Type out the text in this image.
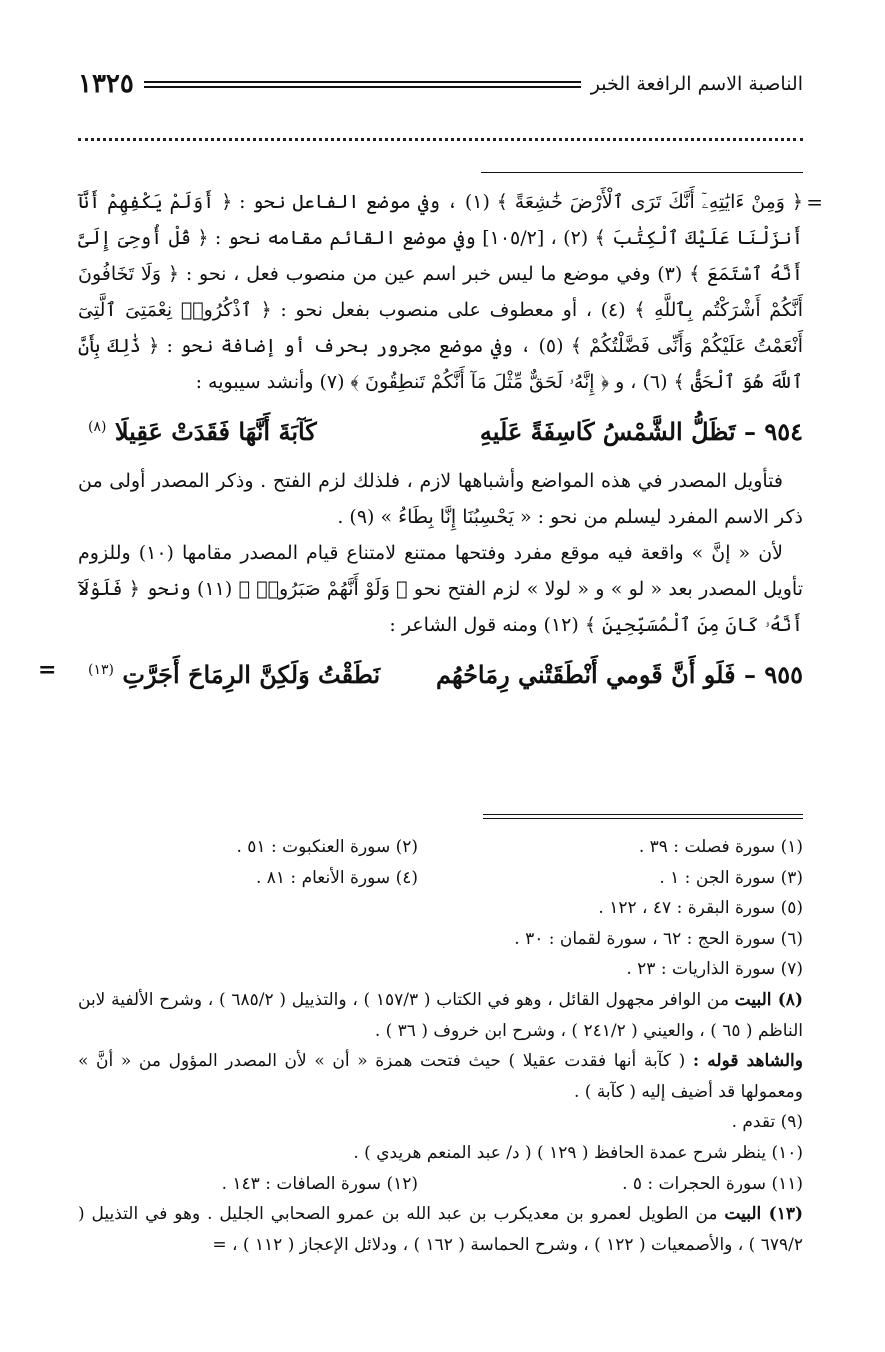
الناصبة الاسم الرافعة الخبر
١٣٢٥
=

﴿ وَمِنْ ءَايَٰتِهِۦٓ أَنَّكَ تَرَى ٱلْأَرْضَ خَٰشِعَةً ﴾ (١) ، وفي موضع الفاعل نحو : ﴿ أَوَلَمْ يَكْفِهِمْ أَنَّآ أَنزَلْنَا عَلَيْكَ ٱلْكِتَٰبَ ﴾ (٢) ، [١٠٥/٢] وفي موضع القائم مقامه نحو : ﴿ قُلْ أُوحِىَ إِلَىَّ أَنَّهُ ٱسْتَمَعَ ﴾ (٣) وفي موضع ما ليس خبر اسم عين من منصوب فعل ، نحو : ﴿ وَلَا تَخَافُونَ أَنَّكُمْ أَشْرَكْتُم بِٱللَّهِ ﴾ (٤) ، أو معطوف على منصوب بفعل نحو : ﴿ ٱذْكُرُوا۟ نِعْمَتِىَ ٱلَّتِىٓ أَنْعَمْتُ عَلَيْكُمْ وَأَنِّى فَضَّلْتُكُمْ ﴾ (٥) ، وفي موضع مجرور بحرف أو إضافة نحو : ﴿ ذَٰلِكَ بِأَنَّ ٱللَّهَ هُوَ ٱلْحَقُّ ﴾ (٦) ، و ﴿ إِنَّهُۥ لَحَقٌّ مِّثْلَ مَآ أَنَّكُمْ تَنطِقُونَ ﴾ (٧) وأنشد سيبويه :

٩٥٤ – تَظَلُّ الشَّمْسُ كَاسِفَةً عَلَيهِ
كَآبَةَ أَنَّهَا فَقَدَتْ عَقِيلَا $^{(٨)}$

فتأويل المصدر في هذه المواضع وأشباهها لازم ، فلذلك لزم الفتح . وذكر المصدر أولى من ذكر الاسم المفرد ليسلم من نحو : « يَحْسِبُنَا إِنَّا بِطَاءُ » (٩) .

لأن « إنَّ » واقعة فيه موقع مفرد وفتحها ممتنع لامتناع قيام المصدر مقامها (١٠) وللزوم تأويل المصدر بعد « لو » و « لولا » لزم الفتح نحو ﴿ وَلَوْ أَنَّهُمْ صَبَرُوا۟ ﴾ (١١) ونحو ﴿ فَلَوْلَآ أَنَّهُۥ كَانَ مِنَ ٱلْمُسَبِّحِينَ ﴾ (١٢) ومنه قول الشاعر :

٩٥٥ – فَلَو أَنَّ قَومي أَنْطَقَتْني رِمَاحُهُم
نَطَقْتُ وَلَكِنَّ الرِمَاحَ أَجَرَّتِ $^{(١٣)}$
=
(١) سورة فصلت : ٣٩ .
(٢) سورة العنكبوت : ٥١ .
(٣) سورة الجن : ١ .
(٤) سورة الأنعام : ٨١ .

(٥) سورة البقرة : ٤٧ ، ١٢٢ .

(٦) سورة الحج : ٦٢ ، سورة لقمان : ٣٠ .

(٧) سورة الذاريات : ٢٣ .

(٨) البيت من الوافر مجهول القائل ، وهو في الكتاب ( ١٥٧/٣ ) ، والتذييل ( ٦٨٥/٢ ) ، وشرح الألفية لابن الناظم ( ٦٥ ) ، والعيني ( ٢٤١/٢ ) ، وشرح ابن خروف ( ٣٦ ) .

والشاهد قوله : ( كآبة أنها فقدت عقيلا ) حيث فتحت همزة « أن » لأن المصدر المؤول من « أنَّ » ومعمولها قد أضيف إليه ( كآبة ) .

(٩) تقدم .

(١٠) ينظر شرح عمدة الحافظ ( ١٢٩ ) ( د/ عبد المنعم هريدي ) .

(١١) سورة الحجرات : ٥ .
(١٢) سورة الصافات : ١٤٣ .

(١٣) البيت من الطويل لعمرو بن معديكرب بن عبد الله بن عمرو الصحابي الجليل . وهو في التذييل ( ٦٧٩/٢ ) ، والأصمعيات ( ١٢٢ ) ، وشرح الحماسة ( ١٦٢ ) ، ودلائل الإعجاز ( ١١٢ ) ، =
